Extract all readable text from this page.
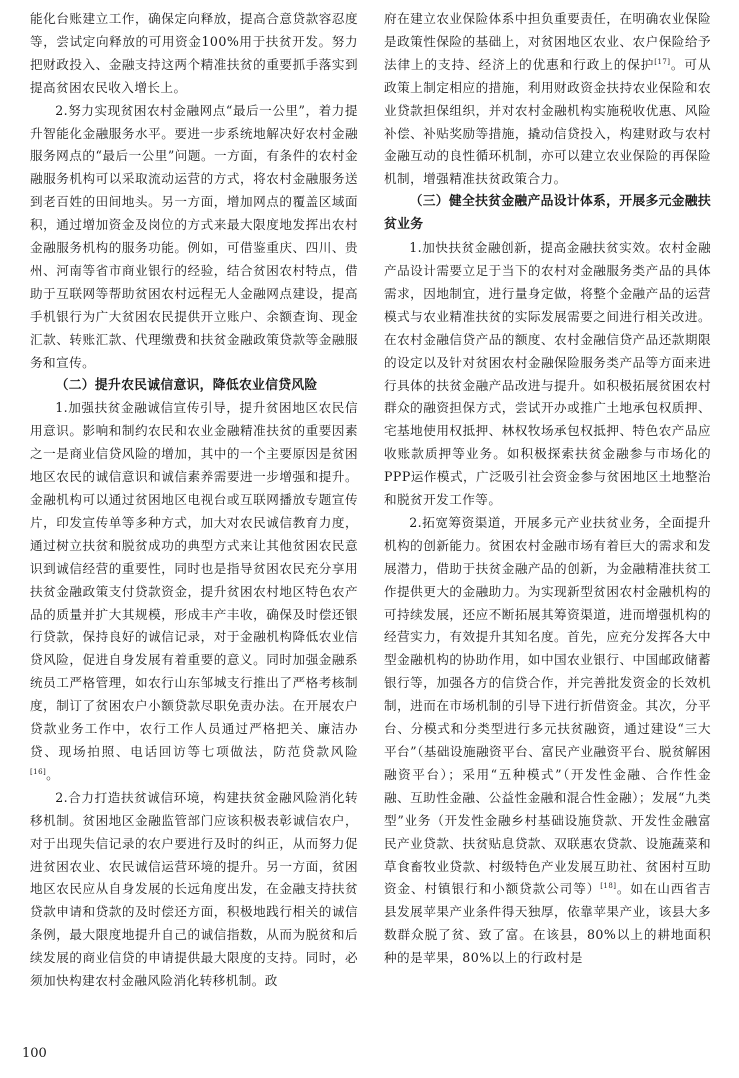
能化台账建立工作，确保定向释放，提高合意贷款容忍度等，尝试定向释放的可用资金100%用于扶贫开发。努力把财政投入、金融支持这两个精准扶贫的重要抓手落实到提高贫困农民收入增长上。

2.努力实现贫困农村金融网点“最后一公里”，着力提升智能化金融服务水平。要进一步系统地解决好农村金融服务网点的“最后一公里”问题。一方面，有条件的农村金融服务机构可以采取流动运营的方式，将农村金融服务送到老百姓的田间地头。另一方面，增加网点的覆盖区域面积，通过增加资金及岗位的方式来最大限度地发挥出农村金融服务机构的服务功能。例如，可借鉴重庆、四川、贵州、河南等省市商业银行的经验，结合贫困农村特点，借助于互联网等帮助贫困农村远程无人金融网点建设，提高手机银行为广大贫困农民提供开立账户、余额查询、现金汇款、转账汇款、代理缴费和扶贫金融政策贷款等金融服务和宣传。

（二）提升农民诚信意识，降低农业信贷风险

1.加强扶贫金融诚信宣传引导，提升贫困地区农民信用意识。影响和制约农民和农业金融精准扶贫的重要因素之一是商业信贷风险的增加，其中的一个主要原因是贫困地区农民的诚信意识和诚信素养需要进一步增强和提升。金融机构可以通过贫困地区电视台或互联网播放专题宣传片，印发宣传单等多种方式，加大对农民诚信教育力度，通过树立扶贫和脱贫成功的典型方式来让其他贫困农民意识到诚信经营的重要性，同时也是指导贫困农民充分享用扶贫金融政策支付贷款资金，提升贫困农村地区特色农产品的质量并扩大其规模，形成丰产丰收，确保及时偿还银行贷款，保持良好的诚信记录，对于金融机构降低农业信贷风险，促进自身发展有着重要的意义。同时加强金融系统员工严格管理，如农行山东邹城支行推出了严格考核制度，制订了贫困农户小额贷款尽职免责办法。在开展农户贷款业务工作中，农行工作人员通过严格把关、廉洁办贷、现场拍照、电话回访等七项做法，防范贷款风险[16]。

2.合力打造扶贫诚信环境，构建扶贫金融风险消化转移机制。贫困地区金融监管部门应该积极表彰诚信农户，对于出现失信记录的农户要进行及时的纠正，从而努力促进贫困农业、农民诚信运营环境的提升。另一方面，贫困地区农民应从自身发展的长远角度出发，在金融支持扶贫贷款申请和贷款的及时偿还方面，积极地践行相关的诚信条例，最大限度地提升自己的诚信指数，从而为脱贫和后续发展的商业信贷的申请提供最大限度的支持。同时，必须加快构建农村金融风险消化转移机制。政

府在建立农业保险体系中担负重要责任，在明确农业保险是政策性保险的基础上，对贫困地区农业、农户保险给予法律上的支持、经济上的优惠和行政上的保护[17]。可从政策上制定相应的措施，利用财政资金扶持农业保险和农业贷款担保组织，并对农村金融机构实施税收优惠、风险补偿、补贴奖励等措施，撬动信贷投入，构建财政与农村金融互动的良性循环机制，亦可以建立农业保险的再保险机制，增强精准扶贫政策合力。

（三）健全扶贫金融产品设计体系，开展多元金融扶贫业务

1.加快扶贫金融创新，提高金融扶贫实效。农村金融产品设计需要立足于当下的农村对金融服务类产品的具体需求，因地制宜，进行量身定做，将整个金融产品的运营模式与农业精准扶贫的实际发展需要之间进行相关改进。在农村金融信贷产品的额度、农村金融信贷产品还款期限的设定以及针对贫困农村金融保险服务类产品等方面来进行具体的扶贫金融产品改进与提升。如积极拓展贫困农村群众的融资担保方式，尝试开办或推广土地承包权质押、宅基地使用权抵押、林权牧场承包权抵押、特色农产品应收账款质押等业务。如积极探索扶贫金融参与市场化的PPP运作模式，广泛吸引社会资金参与贫困地区土地整治和脱贫开发工作等。

2.拓宽筹资渠道，开展多元产业扶贫业务，全面提升机构的创新能力。贫困农村金融市场有着巨大的需求和发展潜力，借助于扶贫金融产品的创新，为金融精准扶贫工作提供更大的金融助力。为实现新型贫困农村金融机构的可持续发展，还应不断拓展其筹资渠道，进而增强机构的经营实力，有效提升其知名度。首先，应充分发挥各大中型金融机构的协助作用，如中国农业银行、中国邮政储蓄银行等，加强各方的信贷合作，并完善批发资金的长效机制，进而在市场机制的引导下进行折借资金。其次，分平台、分模式和分类型进行多元扶贫融资，通过建设“三大平台”（基础设施融资平台、富民产业融资平台、脱贫解困融资平台）；采用“五种模式”（开发性金融、合作性金融、互助性金融、公益性金融和混合性金融）；发展“九类型”业务（开发性金融乡村基础设施贷款、开发性金融富民产业贷款、扶贫贴息贷款、双联惠农贷款、设施蔬菜和草食畜牧业贷款、村级特色产业发展互助社、贫困村互助资金、村镇银行和小额贷款公司等）[18]。如在山西省吉县发展苹果产业条件得天独厚，依靠苹果产业，该县大多数群众脱了贫、致了富。在该县，80%以上的耕地面积种的是苹果，80%以上的行政村是

100
